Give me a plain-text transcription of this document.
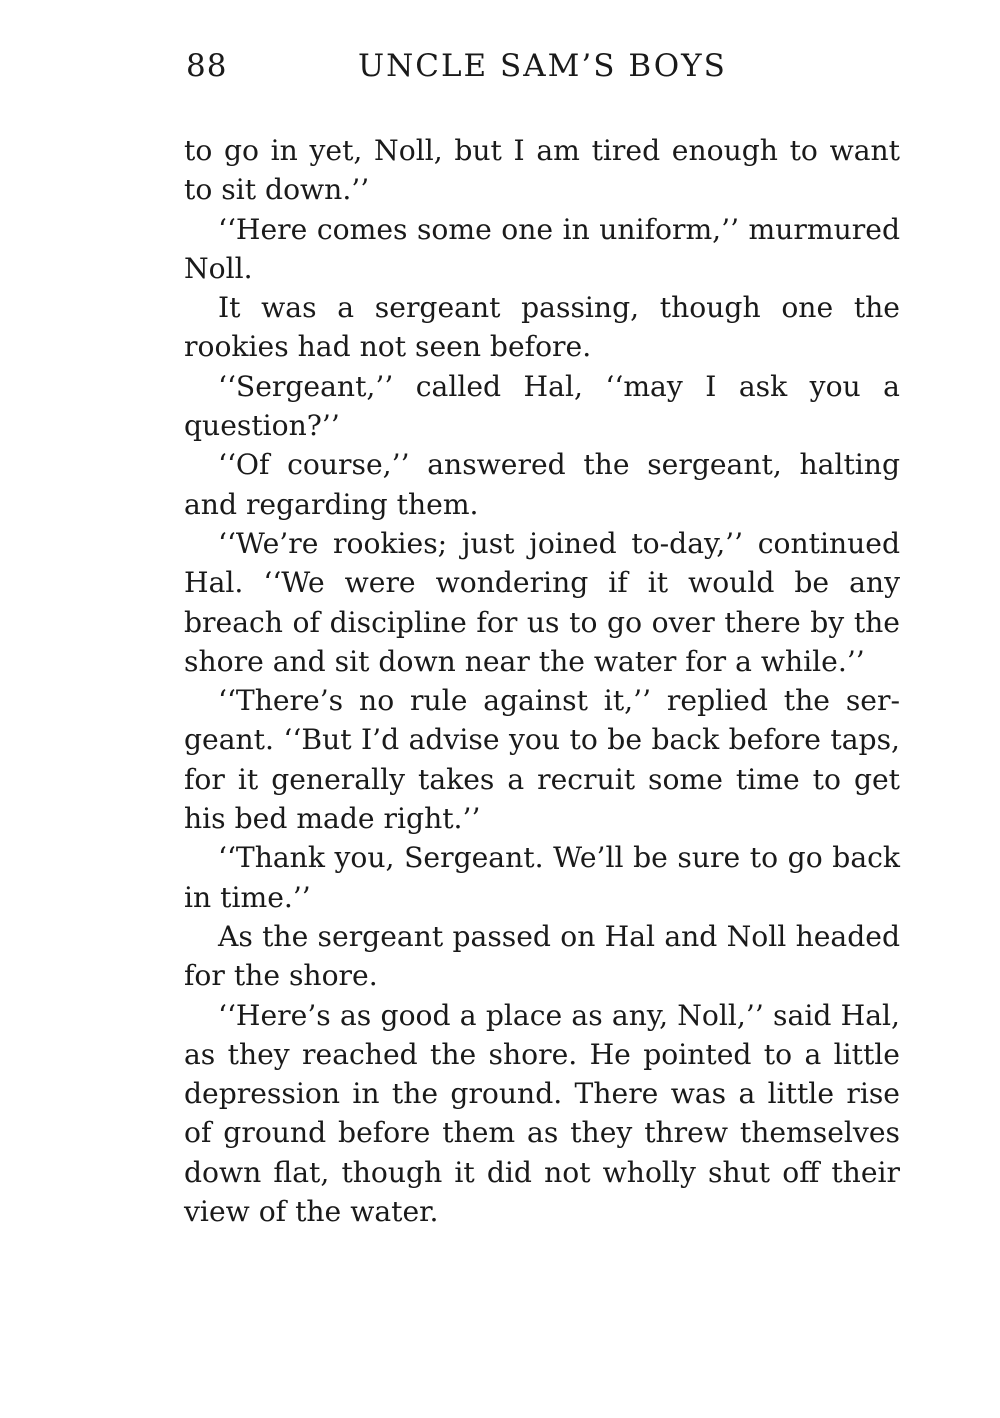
88	UNCLE SAM’S BOYS

to go in yet, Noll, but I am tired enough to want to sit down.’’

‘‘Here comes some one in uniform,’’ murmured Noll.

It was a sergeant passing, though one the rookies had not seen before.

‘‘Sergeant,’’ called Hal, ‘‘may I ask you a question?’’

‘‘Of course,’’ answered the sergeant, halting and regarding them.

‘‘We’re rookies; just joined to-day,’’ continued Hal. ‘‘We were wondering if it would be any breach of discipline for us to go over there by the shore and sit down near the water for a while.’’

‘‘There’s no rule against it,’’ replied the sergeant. ‘‘But I’d advise you to be back before taps, for it generally takes a recruit some time to get his bed made right.’’

‘‘Thank you, Sergeant. We’ll be sure to go back in time.’’

As the sergeant passed on Hal and Noll headed for the shore.

‘‘Here’s as good a place as any, Noll,’’ said Hal, as they reached the shore. He pointed to a little depression in the ground. There was a little rise of ground before them as they threw themselves down flat, though it did not wholly shut off their view of the water.
